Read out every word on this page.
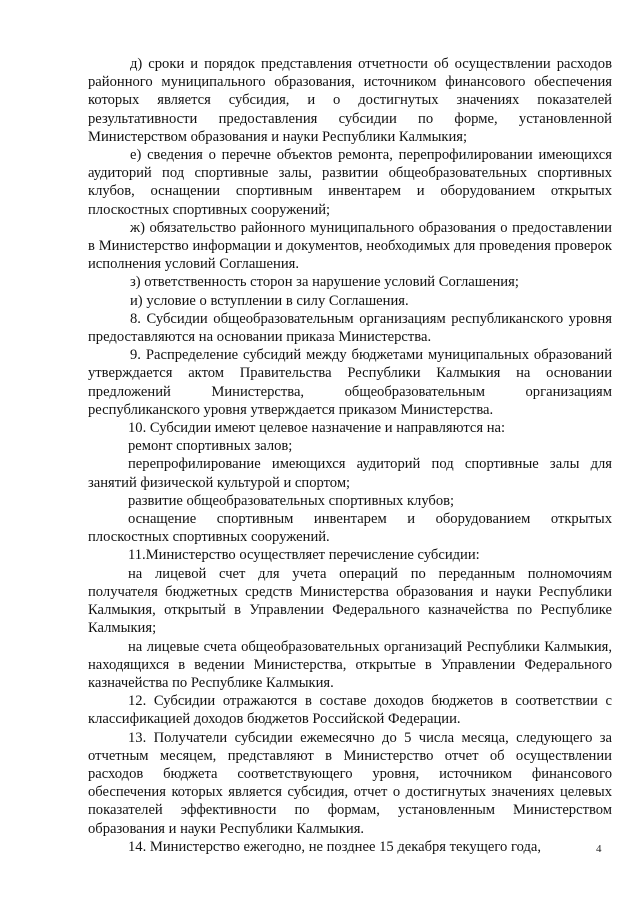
д) сроки и порядок представления отчетности об осуществлении расходов районного муниципального образования, источником финансового обеспечения которых является субсидия, и о достигнутых значениях показателей результативности предоставления субсидии по форме, установленной Министерством образования и науки Республики Калмыкия;

е) сведения о перечне объектов ремонта, перепрофилировании имеющихся аудиторий под спортивные залы, развитии общеобразовательных спортивных клубов, оснащении спортивным инвентарем и оборудованием открытых плоскостных спортивных сооружений;

ж) обязательство районного муниципального образования о предоставлении в Министерство информации и документов, необходимых для проведения проверок исполнения условий Соглашения.

з) ответственность сторон за нарушение условий Соглашения;

и) условие о вступлении в силу Соглашения.

8. Субсидии общеобразовательным организациям республиканского уровня предоставляются на основании приказа Министерства.

9. Распределение субсидий между бюджетами муниципальных образований утверждается актом Правительства Республики Калмыкия на основании предложений Министерства, общеобразовательным организациям республиканского уровня утверждается приказом Министерства.

10. Субсидии имеют целевое назначение и направляются на:

ремонт спортивных залов;

перепрофилирование имеющихся аудиторий под спортивные залы для занятий физической культурой и спортом;

развитие общеобразовательных спортивных клубов;

оснащение спортивным инвентарем и оборудованием открытых плоскостных спортивных сооружений.

11.Министерство осуществляет перечисление субсидии:

на лицевой счет для учета операций по переданным полномочиям получателя бюджетных средств Министерства образования и науки Республики Калмыкия, открытый в Управлении Федерального казначейства по Республике Калмыкия;

на лицевые счета общеобразовательных организаций Республики Калмыкия, находящихся в ведении Министерства, открытые в Управлении Федерального казначейства по Республике Калмыкия.

12. Субсидии отражаются в составе доходов бюджетов в соответствии с классификацией доходов бюджетов Российской Федерации.

13. Получатели субсидии ежемесячно до 5 числа месяца, следующего за отчетным месяцем, представляют в Министерство отчет об осуществлении расходов бюджета соответствующего уровня, источником финансового обеспечения которых является субсидия, отчет о достигнутых значениях целевых показателей эффективности по формам, установленным Министерством образования и науки Республики Калмыкия.

14. Министерство ежегодно, не позднее 15 декабря текущего года,	4
